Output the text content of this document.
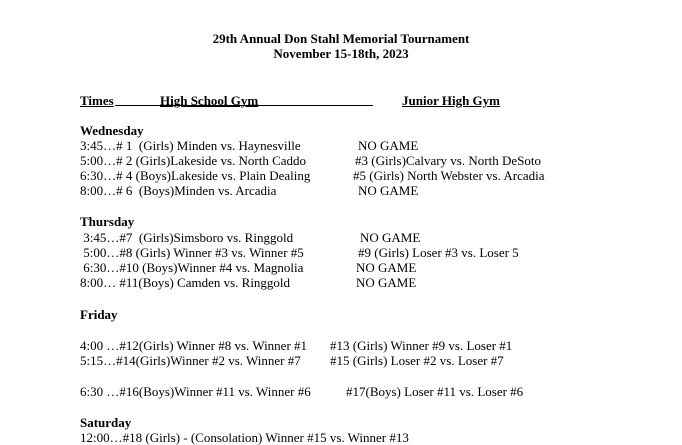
29th Annual Don Stahl Memorial Tournament
November 15-18th, 2023
Times	High School Gym	Junior High Gym
Wednesday
3:45…# 1  (Girls) Minden vs. Haynesville	NO GAME
5:00…# 2 (Girls)Lakeside vs. North Caddo	#3 (Girls)Calvary vs. North DeSoto
6:30…# 4 (Boys)Lakeside vs. Plain Dealing	#5 (Girls) North Webster vs. Arcadia
8:00…# 6  (Boys)Minden vs. Arcadia	NO GAME
Thursday
3:45…#7  (Girls)Simsboro vs. Ringgold	NO GAME
5:00…#8 (Girls) Winner #3 vs. Winner #5	#9 (Girls) Loser #3 vs. Loser 5
6:30…#10 (Boys)Winner #4 vs. Magnolia	NO GAME
8:00… #11(Boys) Camden vs. Ringgold	NO GAME
Friday
4:00 …#12(Girls) Winner #8 vs. Winner #1 #13 (Girls) Winner #9 vs. Loser #1
5:15…#14(Girls)Winner #2 vs. Winner #7 #15 (Girls) Loser #2 vs. Loser #7
6:30 …#16(Boys)Winner #11 vs. Winner #6	#17(Boys) Loser #11 vs. Loser #6
Saturday
12:00…#18 (Girls) - (Consolation) Winner #15 vs. Winner #13
